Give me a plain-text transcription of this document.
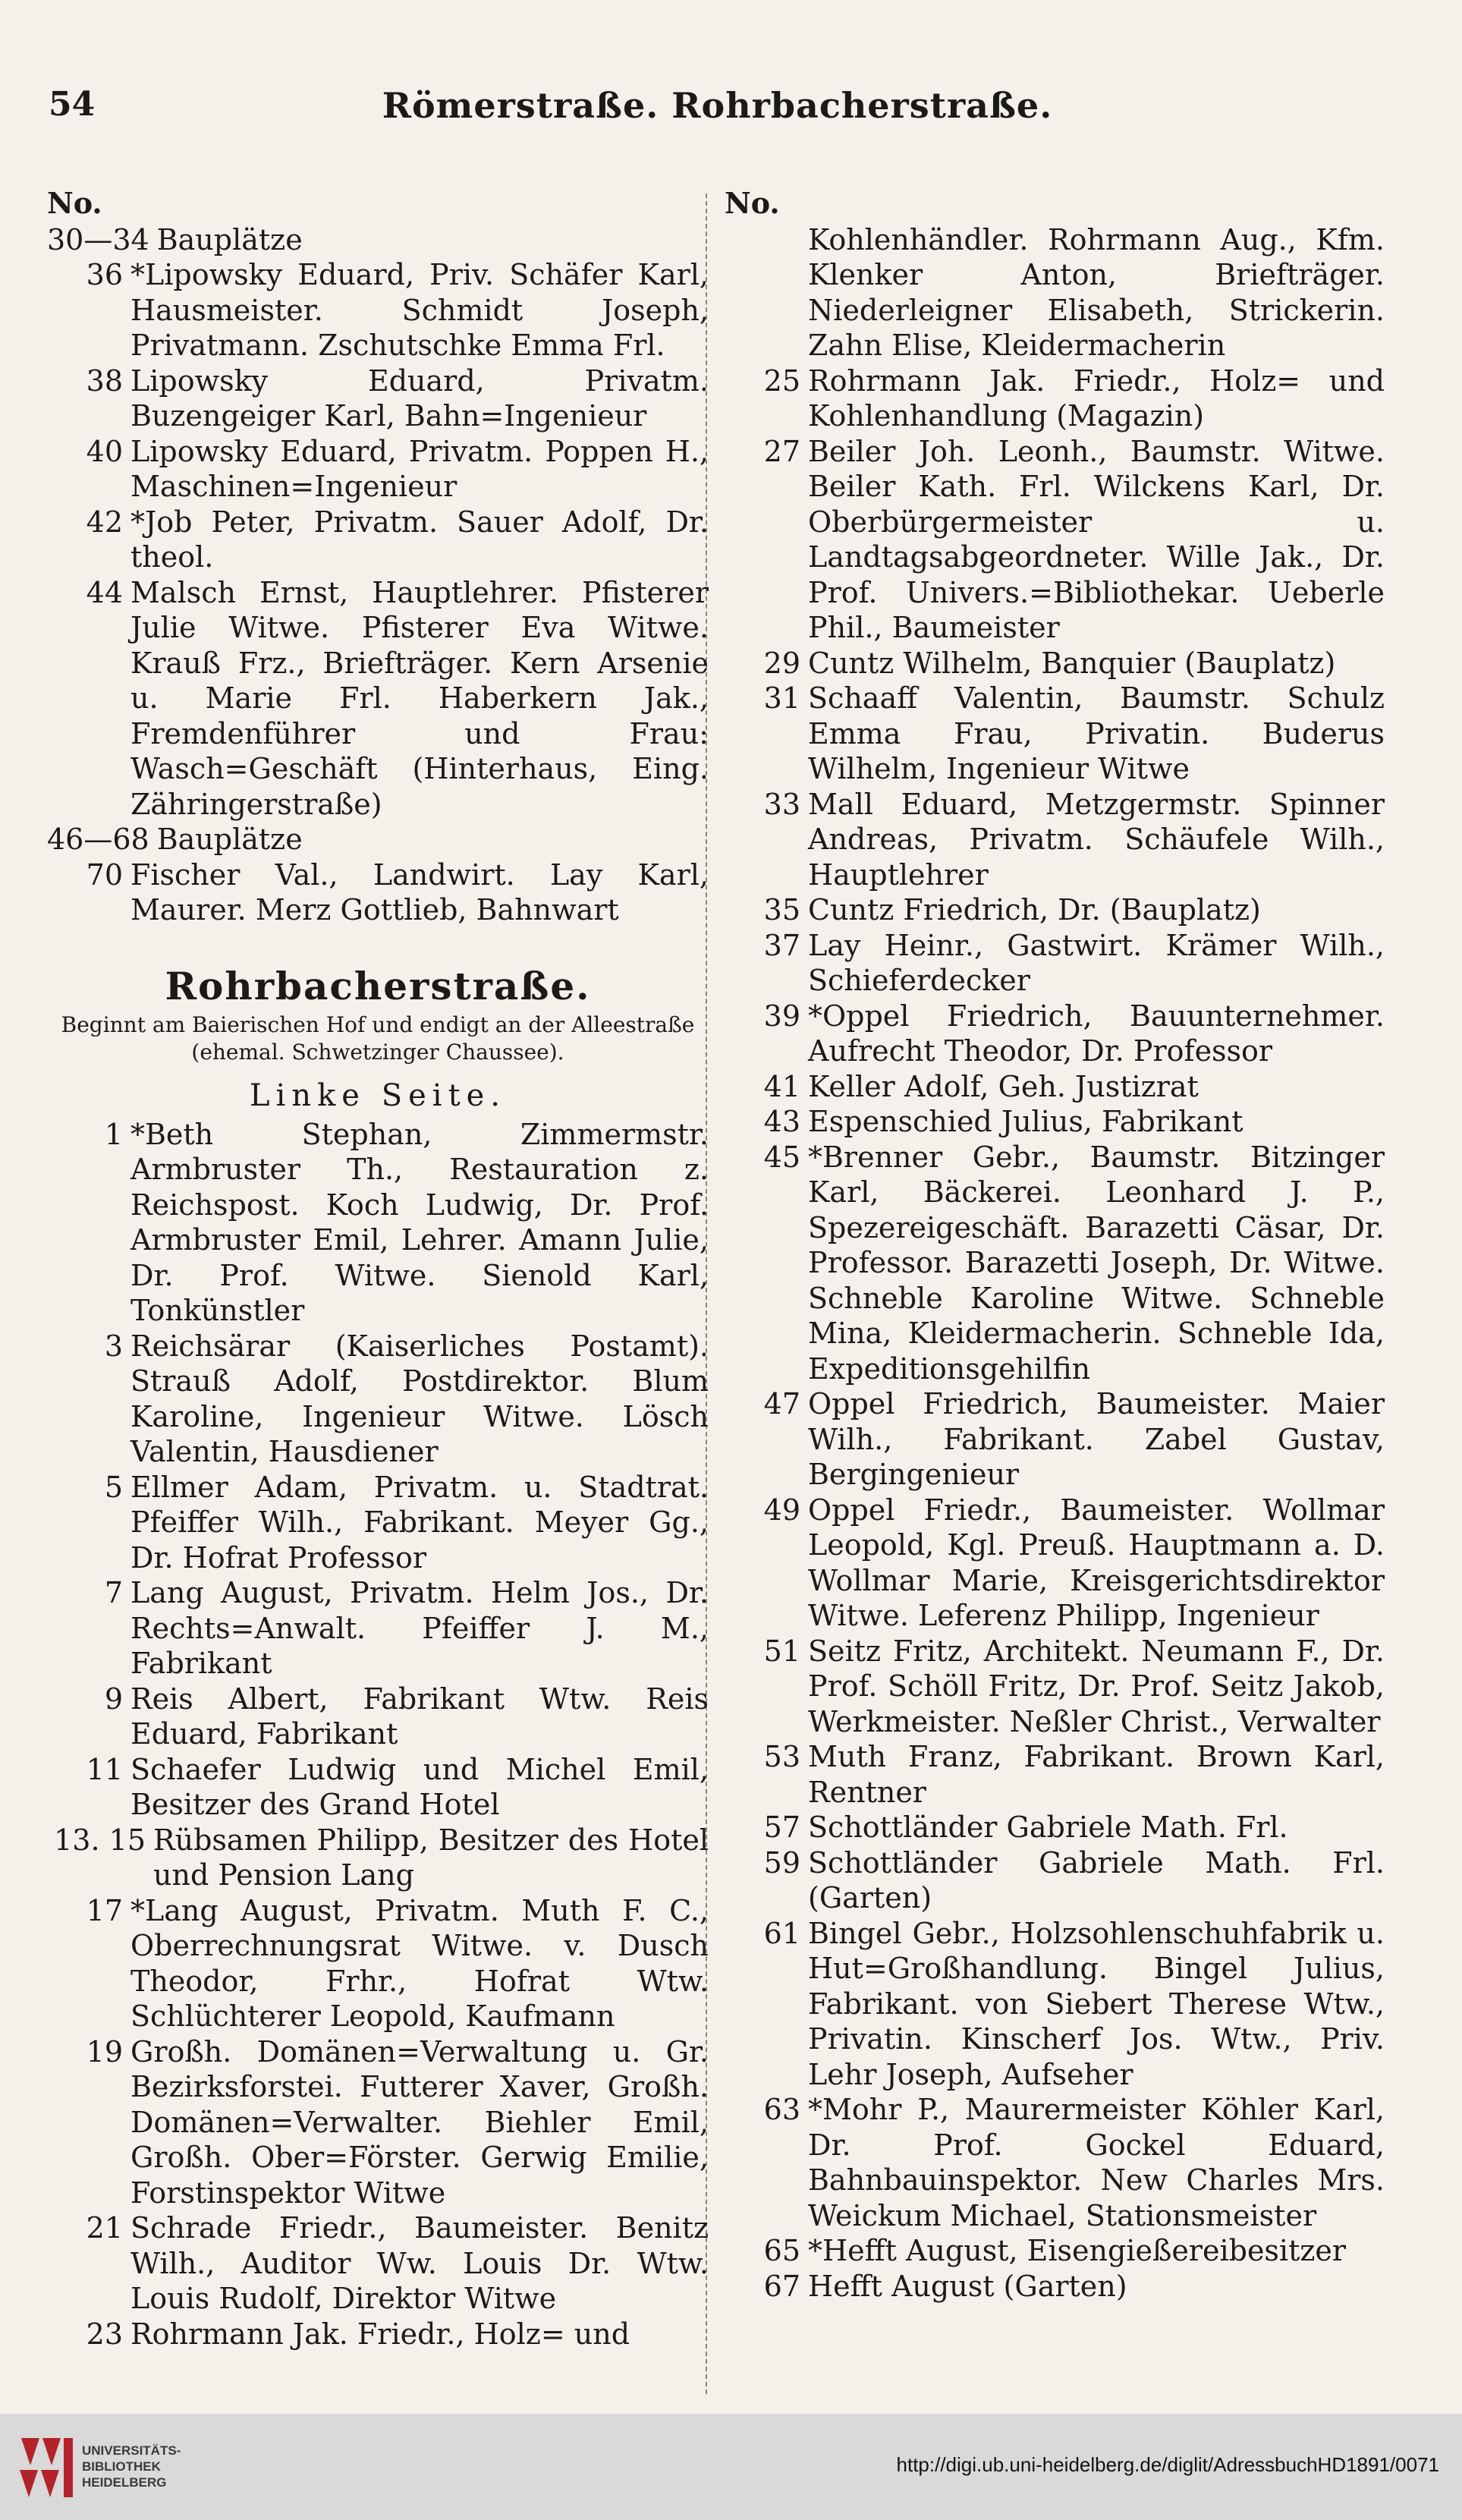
54	Römerstraße. Rohrbacherstraße.
No.
30—34 Bauplätze
36 *Lipowsky Eduard, Priv. Schäfer Karl, Hausmeister. Schmidt Joseph, Privatmann. Zschutschke Emma Frl.
38 Lipowsky Eduard, Privatm. Buzengeiger Karl, Bahn=Ingenieur
40 Lipowsky Eduard, Privatm. Poppen H., Maschinen=Ingenieur
42 *Job Peter, Privatm. Sauer Adolf, Dr. theol.
44 Malsch Ernst, Hauptlehrer. Pfisterer Julie Witwe. Pfisterer Eva Witwe. Krauß Frz., Briefträger. Kern Arsenie u. Marie Frl. Haberkern Jak., Fremdenführer und Frau: Wasch=Geschäft (Hinterhaus, Eing. Zähringerstraße)
46—68 Bauplätze
70 Fischer Val., Landwirt. Lay Karl, Maurer. Merz Gottlieb, Bahnwart
Rohrbacherstraße.
Beginnt am Baierischen Hof und endigt an der Alleestraße (ehemal. Schwetzinger Chaussee).
Linke Seite.
1 *Beth Stephan, Zimmermstr. Armbruster Th., Restauration z. Reichspost. Koch Ludwig, Dr. Prof. Armbruster Emil, Lehrer. Amann Julie, Dr. Prof. Witwe. Sienold Karl, Tonkünstler
3 Reichsärar (Kaiserliches Postamt). Strauß Adolf, Postdirektor. Blum Karoline, Ingenieur Witwe. Lösch Valentin, Hausdiener
5 Ellmer Adam, Privatm. u. Stadtrat. Pfeiffer Wilh., Fabrikant. Meyer Gg., Dr. Hofrat Professor
7 Lang August, Privatm. Helm Jos., Dr. Rechts=Anwalt. Pfeiffer J. M., Fabrikant
9 Reis Albert, Fabrikant Wtw. Reis Eduard, Fabrikant
11 Schaefer Ludwig und Michel Emil, Besitzer des Grand Hotel
13. 15 Rübsamen Philipp, Besitzer des Hotel und Pension Lang
17 *Lang August, Privatm. Muth F. C., Oberrechnungsrat Witwe. v. Dusch Theodor, Frhr., Hofrat Wtw. Schlüchterer Leopold, Kaufmann
19 Großh. Domänen=Verwaltung u. Gr. Bezirksforstei. Futterer Xaver, Großh. Domänen=Verwalter. Biehler Emil, Großh. Ober=Förster. Gerwig Emilie, Forstinspektor Witwe
21 Schrade Friedr., Baumeister. Benitz Wilh., Auditor Ww. Louis Dr. Wtw. Louis Rudolf, Direktor Witwe
23 Rohrmann Jak. Friedr., Holz= und
No.
Kohlenhändler. Rohrmann Aug., Kfm. Klenker Anton, Briefträger. Niederleigner Elisabeth, Strickerin. Zahn Elise, Kleidermacherin
25 Rohrmann Jak. Friedr., Holz= und Kohlenhandlung (Magazin)
27 Beiler Joh. Leonh., Baumstr. Witwe. Beiler Kath. Frl. Wilckens Karl, Dr. Oberbürgermeister u. Landtagsabgeordneter. Wille Jak., Dr. Prof. Univers.=Bibliothekar. Ueberle Phil., Baumeister
29 Cuntz Wilhelm, Banquier (Bauplatz)
31 Schaaff Valentin, Baumstr. Schulz Emma Frau, Privatin. Buderus Wilhelm, Ingenieur Witwe
33 Mall Eduard, Metzgermstr. Spinner Andreas, Privatm. Schäufele Wilh., Hauptlehrer
35 Cuntz Friedrich, Dr. (Bauplatz)
37 Lay Heinr., Gastwirt. Krämer Wilh., Schieferdecker
39 *Oppel Friedrich, Bauunternehmer. Aufrecht Theodor, Dr. Professor
41 Keller Adolf, Geh. Justizrat
43 Espenschied Julius, Fabrikant
45 *Brenner Gebr., Baumstr. Bitzinger Karl, Bäckerei. Leonhard J. P., Spezereigeschäft. Barazetti Cäsar, Dr. Professor. Barazetti Joseph, Dr. Witwe. Schneble Karoline Witwe. Schneble Mina, Kleidermacherin. Schneble Ida, Expeditionsgehilfin
47 Oppel Friedrich, Baumeister. Maier Wilh., Fabrikant. Zabel Gustav, Bergingenieur
49 Oppel Friedr., Baumeister. Wollmar Leopold, Kgl. Preuß. Hauptmann a. D. Wollmar Marie, Kreisgerichtsdirektor Witwe. Leferenz Philipp, Ingenieur
51 Seitz Fritz, Architekt. Neumann F., Dr. Prof. Schöll Fritz, Dr. Prof. Seitz Jakob, Werkmeister. Neßler Christ., Verwalter
53 Muth Franz, Fabrikant. Brown Karl, Rentner
57 Schottländer Gabriele Math. Frl.
59 Schottländer Gabriele Math. Frl. (Garten)
61 Bingel Gebr., Holzsohlenschuhfabrik u. Hut=Großhandlung. Bingel Julius, Fabrikant. von Siebert Therese Wtw., Privatin. Kinscherf Jos. Wtw., Priv. Lehr Joseph, Aufseher
63 *Mohr P., Maurermeister Köhler Karl, Dr. Prof. Gockel Eduard, Bahnbauinspektor. New Charles Mrs. Weickum Michael, Stationsmeister
65 *Hefft August, Eisengießereibesitzer
67 Hefft August (Garten)
UNIVERSITÄTS-
BIBLIOTHEK
HEIDELBERG
http://digi.ub.uni-heidelberg.de/diglit/AdressbuchHD1891/0071
